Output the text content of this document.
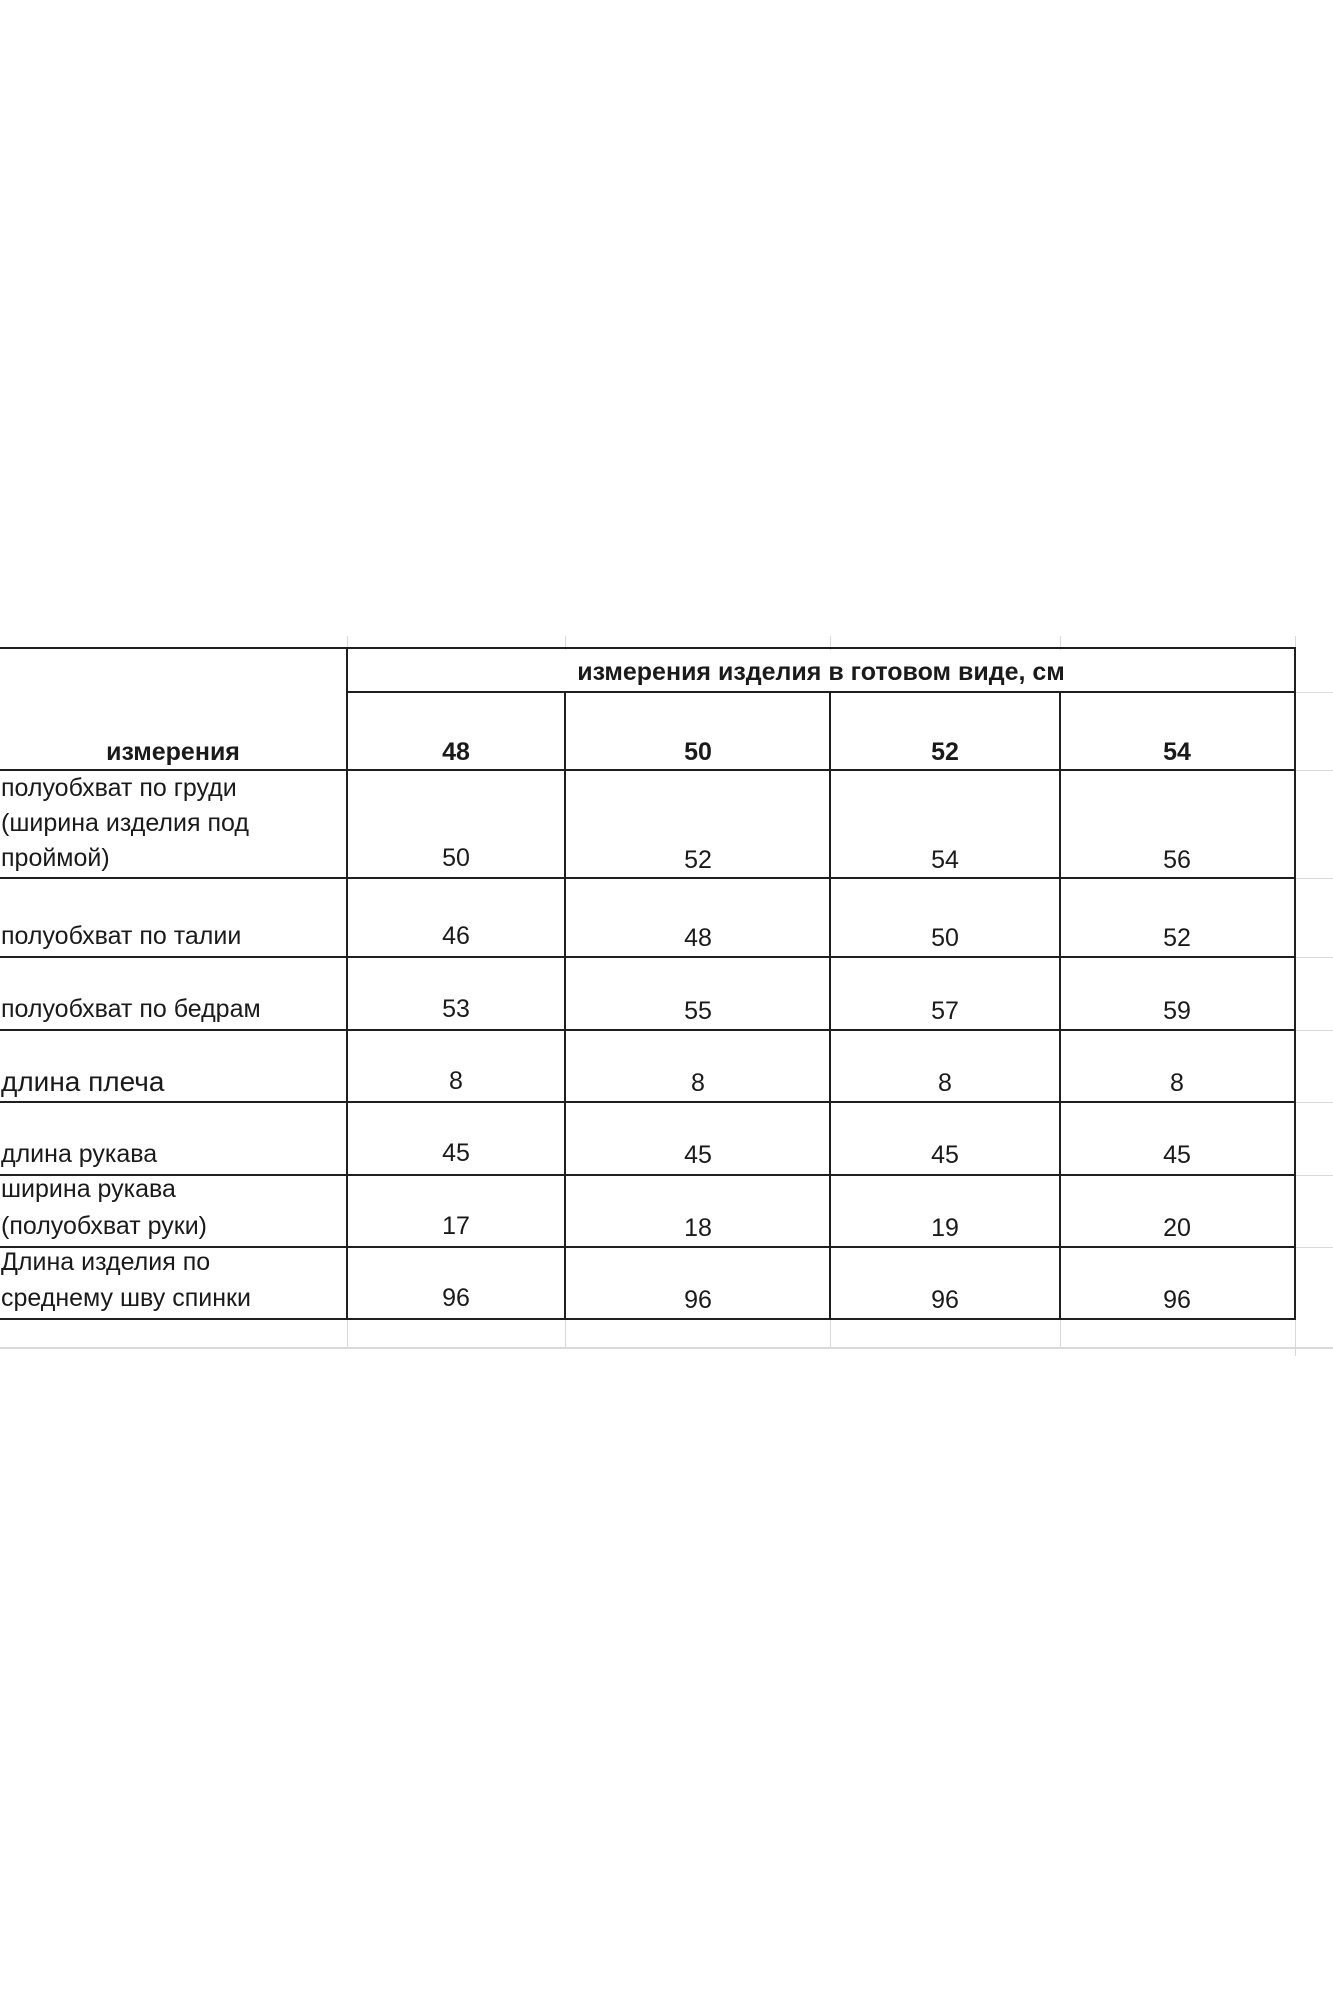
измерения изделия в готовом виде, см
измерения	48	50	52	54
полуобхват по груди
(ширина изделия под
проймой)	50	52	54	56
полуобхват по талии	46	48	50	52
полуобхват по бедрам	53	55	57	59
длина плеча	8	8	8	8
длина рукава	45	45	45	45
ширина рукава
(полуобхват руки)	17	18	19	20
Длина изделия по
среднему шву спинки	96	96	96	96
